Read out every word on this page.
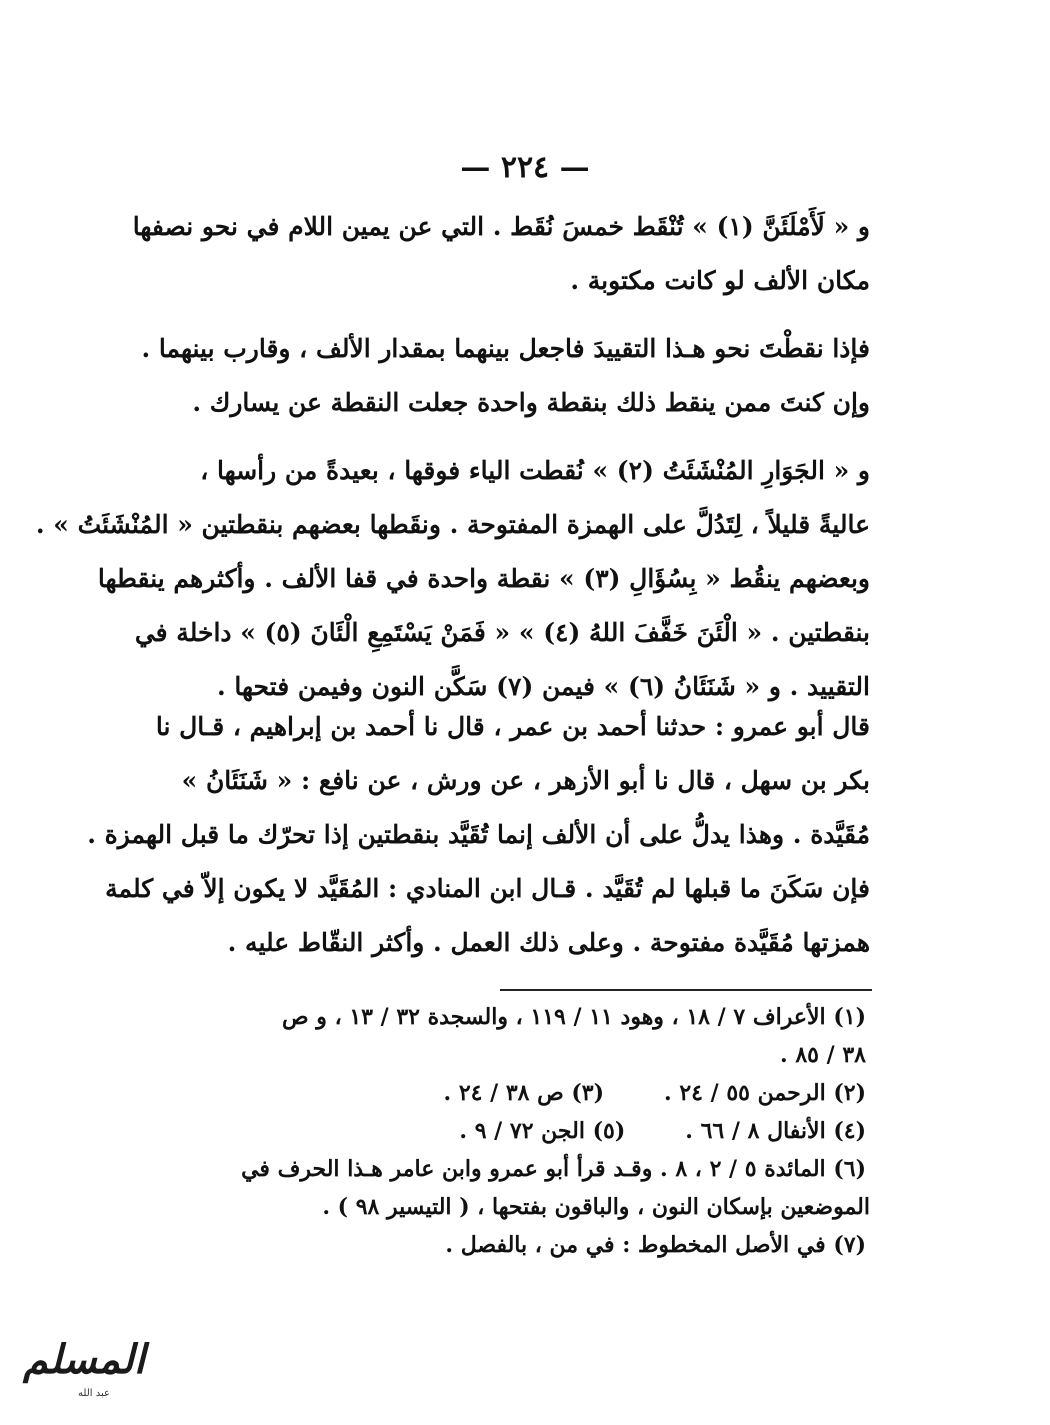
— ٢٢٤ —
و « لَأَمْلَئَنَّ (١) » تُنْقَط خمسَ نُقَط . التي عن يمين اللام في نحو نصفها
مكان الألف لو كانت مكتوبة .
فإذا نقطْتَ نحو هـذا التقييدَ فاجعل بينهما بمقدار الألف ، وقارب بينهما .
وإن كنتَ ممن ينقط ذلك بنقطة واحدة جعلت النقطة عن يسارك .
و « الجَوَارِ المُنْشَئَتُ (٢) » نُقطت الياء فوقها ، بعيدةً من رأسها ،
عاليةً قليلاً ، لِتَدُلَّ على الهمزة المفتوحة . ونقَطها بعضهم بنقطتين « المُنْشَئَتُ » .
وبعضهم ينقُط « بِسُؤَالِ (٣) » نقطة واحدة في قفا الألف . وأكثرهم ينقطها
بنقطتين . « الْئَنَ خَفَّفَ اللهُ (٤) » « فَمَنْ يَسْتَمِعِ الْئَانَ (٥) » داخلة في
التقييد . و « شَنَئَانُ (٦) » فيمن (٧) سَكَّن النون وفيمن فتحها .
قال أبو عمرو : حدثنا أحمد بن عمر ، قال نا أحمد بن إبراهيم ، قـال نا
بكر بن سهل ، قال نا أبو الأزهر ، عن ورش ، عن نافع : « شَنَئَانُ »
مُقَيَّدة . وهذا يدلُّ على أن الألف إنما تُقَيَّد بنقطتين إذا تحرّك ما قبل الهمزة .
فإن سَكَنَ ما قبلها لم تُقَيَّد . قـال ابن المنادي : المُقَيَّد لا يكون إلاّ في كلمة
همزتها مُقَيَّدة مفتوحة . وعلى ذلك العمل . وأكثر النقّاط عليه .
(١) الأعراف ٧ / ١٨ ، وهود ١١ / ١١٩ ، والسجدة ٣٢ / ١٣ ، و ص
٣٨ / ٨٥ .
(٢) الرحمن ٥٥ / ٢٤ .
(٣) ص ٣٨ / ٢٤ .
(٤) الأنفال ٨ / ٦٦ .
(٥) الجن ٧٢ / ٩ .
(٦) المائدة ٥ / ٢ ، ٨ . وقـد قرأ أبو عمرو وابن عامر هـذا الحرف في
الموضعين بإسكان النون ، والباقون بفتحها ، ( التيسير ٩٨ ) .
(٧) في الأصل المخطوط : في من ، بالفصل .
المسلم
عبد الله
